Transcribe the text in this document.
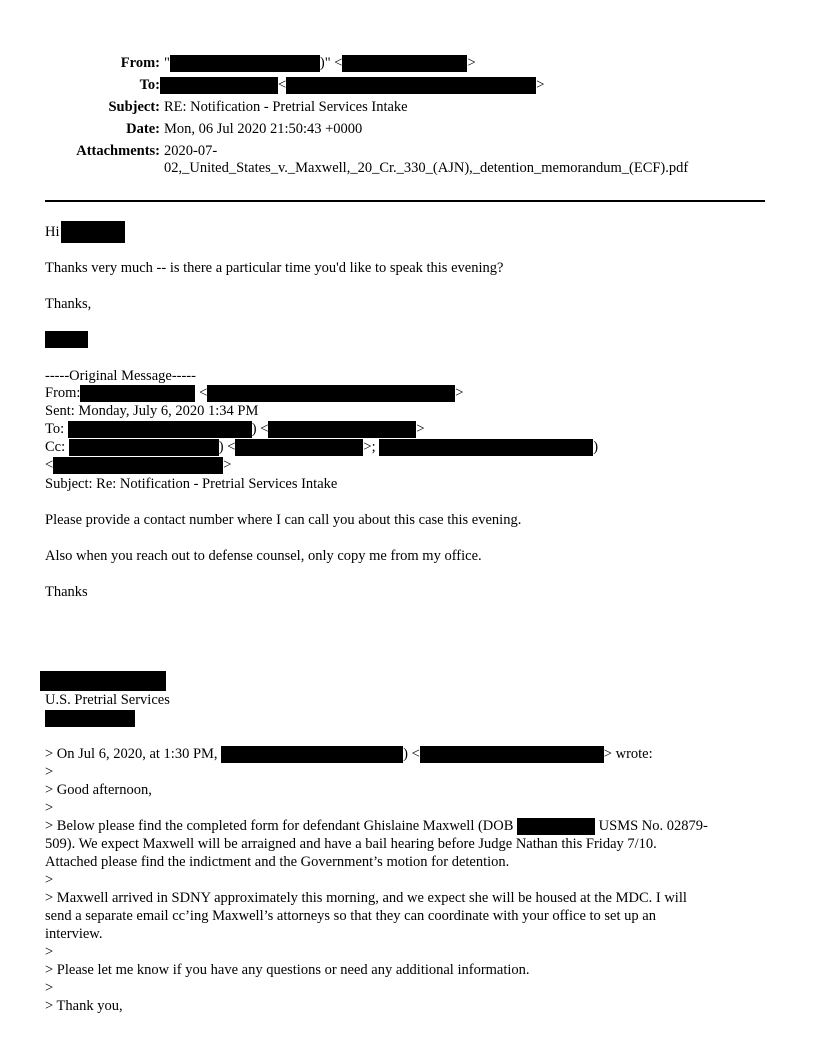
From: "	)" <	>
To:	<	>
Subject: RE: Notification - Pretrial Services Intake
Date: Mon, 06 Jul 2020 21:50:43 +0000
Attachments: 2020-07-
02,_United_States_v._Maxwell,_20_Cr._330_(AJN),_detention_memorandum_(ECF).pdf
Hi
Thanks very much -- is there a particular time you'd like to speak this evening?
Thanks,
-----Original Message-----
From:	<	>
Sent: Monday, July 6, 2020 1:34 PM
To:	) <	>
Cc:	) <	>;	)
<	>
Subject: Re: Notification - Pretrial Services Intake
Please provide a contact number where I can call you about this case this evening.
Also when you reach out to defense counsel, only copy me from my office.
Thanks
U.S. Pretrial Services
> On Jul 6, 2020, at 1:30 PM,	) <	> wrote:
>
> Good afternoon,
>
> Below please find the completed form for defendant Ghislaine Maxwell (DOB	USMS No. 02879-
509). We expect Maxwell will be arraigned and have a bail hearing before Judge Nathan this Friday 7/10.
Attached please find the indictment and the Government’s motion for detention.
>
> Maxwell arrived in SDNY approximately this morning, and we expect she will be housed at the MDC. I will
send a separate email cc’ing Maxwell’s attorneys so that they can coordinate with your office to set up an
interview.
>
> Please let me know if you have any questions or need any additional information.
>
> Thank you,
